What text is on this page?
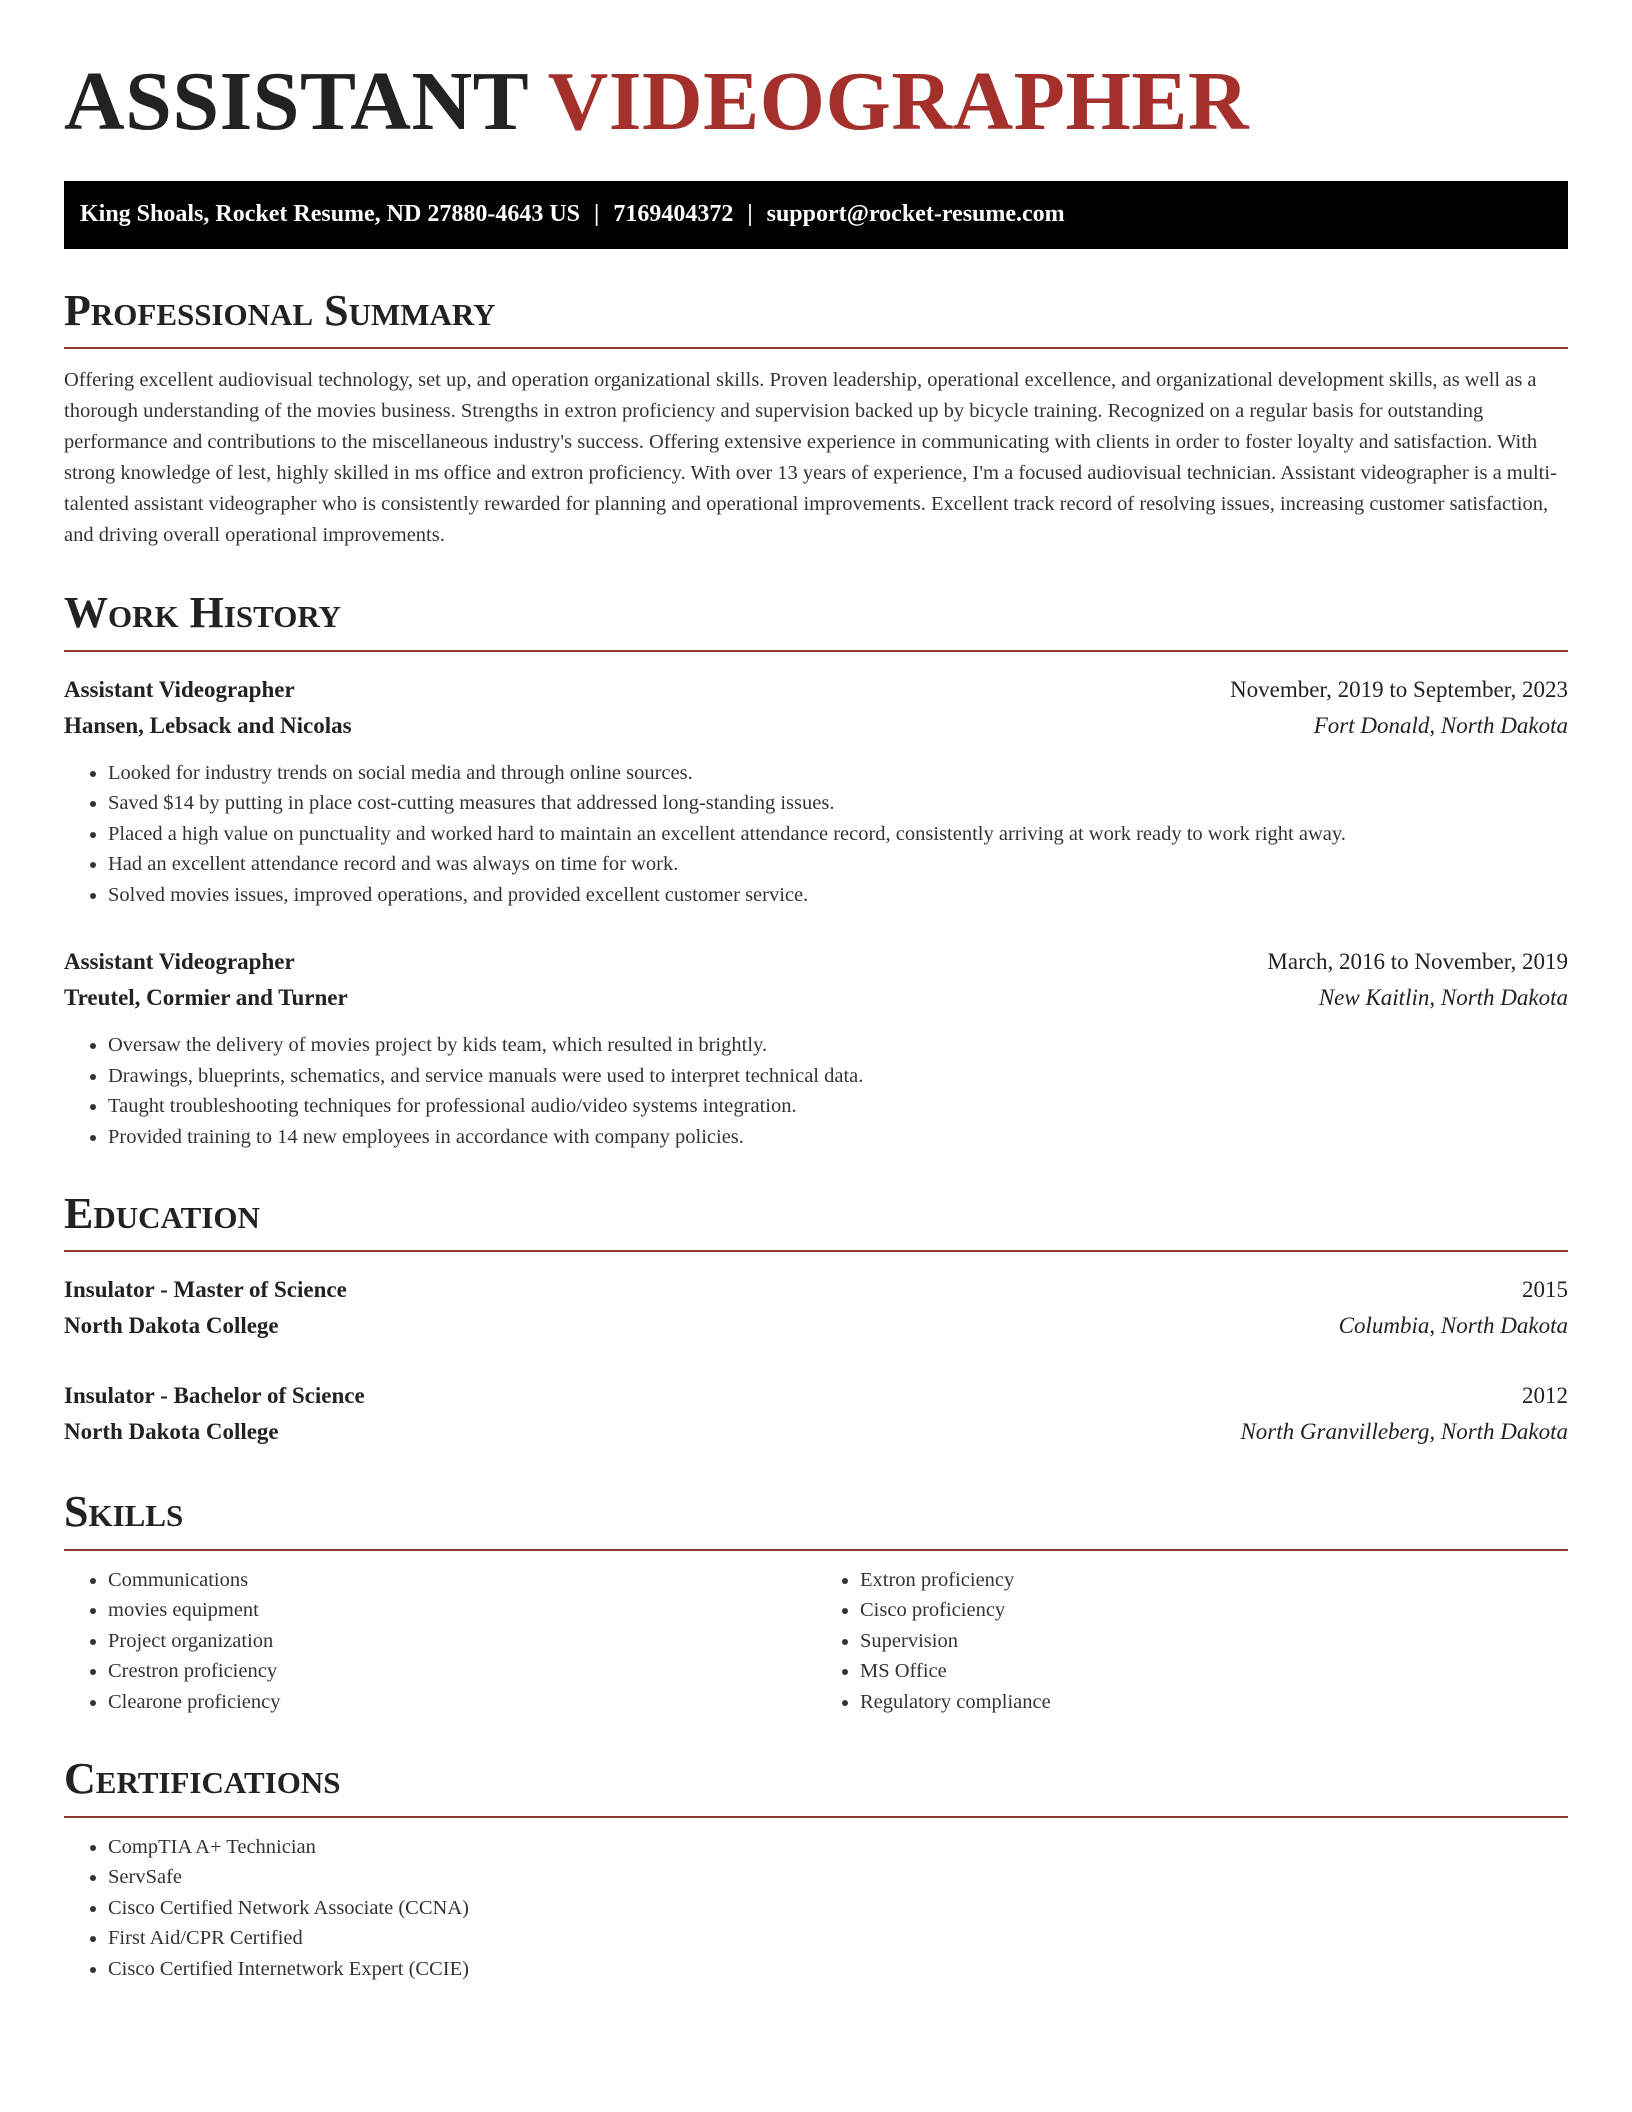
ASSISTANT VIDEOGRAPHER
King Shoals, Rocket Resume, ND 27880-4643 US | 7169404372 | support@rocket-resume.com
Professional Summary

Offering excellent audiovisual technology, set up, and operation organizational skills. Proven leadership, operational excellence, and organizational development skills, as well as a thorough understanding of the movies business. Strengths in extron proficiency and supervision backed up by bicycle training. Recognized on a regular basis for outstanding performance and contributions to the miscellaneous industry's success. Offering extensive experience in communicating with clients in order to foster loyalty and satisfaction. With strong knowledge of lest, highly skilled in ms office and extron proficiency. With over 13 years of experience, I'm a focused audiovisual technician. Assistant videographer is a multi-talented assistant videographer who is consistently rewarded for planning and operational improvements. Excellent track record of resolving issues, increasing customer satisfaction, and driving overall operational improvements.

Work History
Assistant Videographer	November, 2019 to September, 2023
Hansen, Lebsack and Nicolas	Fort Donald, North Dakota
• Looked for industry trends on social media and through online sources.
• Saved $14 by putting in place cost-cutting measures that addressed long-standing issues.
• Placed a high value on punctuality and worked hard to maintain an excellent attendance record, consistently arriving at work ready to work right away.
• Had an excellent attendance record and was always on time for work.
• Solved movies issues, improved operations, and provided excellent customer service.
Assistant Videographer	March, 2016 to November, 2019
Treutel, Cormier and Turner	New Kaitlin, North Dakota
• Oversaw the delivery of movies project by kids team, which resulted in brightly.
• Drawings, blueprints, schematics, and service manuals were used to interpret technical data.
• Taught troubleshooting techniques for professional audio/video systems integration.
• Provided training to 14 new employees in accordance with company policies.
Education
Insulator - Master of Science	2015
North Dakota College	Columbia, North Dakota
Insulator - Bachelor of Science	2012
North Dakota College	North Granvilleberg, North Dakota
Skills
• Communications
• movies equipment
• Project organization
• Crestron proficiency
• Clearone proficiency
• Extron proficiency
• Cisco proficiency
• Supervision
• MS Office
• Regulatory compliance
Certifications
• CompTIA A+ Technician
• ServSafe
• Cisco Certified Network Associate (CCNA)
• First Aid/CPR Certified
• Cisco Certified Internetwork Expert (CCIE)
